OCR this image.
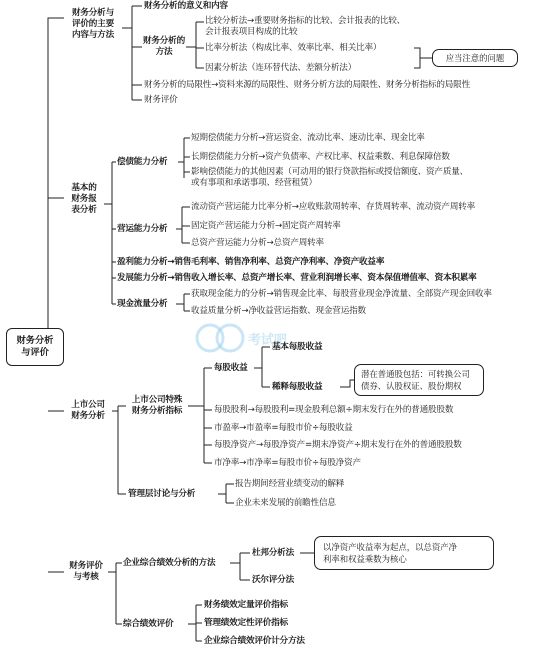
考试吧
财务分析
与评价
财务分析与
评价的主要
内容与方法
财务分析的意义和内容
财务分析的
方法
比较分析法→重要财务指标的比较、会计报表的比较、
会计报表项目构成的比较
比率分析法（构成比率、效率比率、相关比率）
因素分析法（连环替代法、差额分析法）
应当注意的问题
财务分析的局限性→资料来源的局限性、财务分析方法的局限性、财务分析指标的局限性
财务评价
基本的
财务报
表分析
偿债能力分析
短期偿债能力分析→营运资金、流动比率、速动比率、现金比率
长期偿债能力分析→资产负债率、产权比率、权益乘数、利息保障倍数
影响偿债能力的其他因素（可动用的银行贷款指标或授信额度、资产质量、
或有事项和承诺事项、经营租赁）
营运能力分析
流动资产营运能力比率分析→应收账款周转率、存货周转率、流动资产周转率
固定资产营运能力分析→固定资产周转率
总资产营运能力分析→总资产周转率
盈利能力分析→销售毛利率、销售净利率、总资产净利率、净资产收益率
发展能力分析→销售收入增长率、总资产增长率、营业利润增长率、资本保值增值率、资本积累率
现金流量分析
获取现金能力的分析→销售现金比率、每股营业现金净流量、全部资产现金回收率
收益质量分析→净收益营运指数、现金营运指数
上市公司
财务分析
上市公司特殊
财务分析指标
每股收益
基本每股收益
稀释每股收益
潜在普通股包括：可转换公司
债券、认股权证、股份期权
每股股利→每股股利=现金股利总额÷期末发行在外的普通股股数
市盈率→市盈率=每股市价÷每股收益
每股净资产→每股净资产=期末净资产÷期末发行在外的普通股股数
市净率→市净率=每股市价÷每股净资产
管理层讨论与分析
报告期间经营业绩变动的解释
企业未来发展的前瞻性信息
财务评价
与考核
企业综合绩效分析的方法
杜邦分析法
沃尔评分法
以净资产收益率为起点，以总资产净
利率和权益乘数为核心
综合绩效评价
财务绩效定量评价指标
管理绩效定性评价指标
企业综合绩效评价计分方法
